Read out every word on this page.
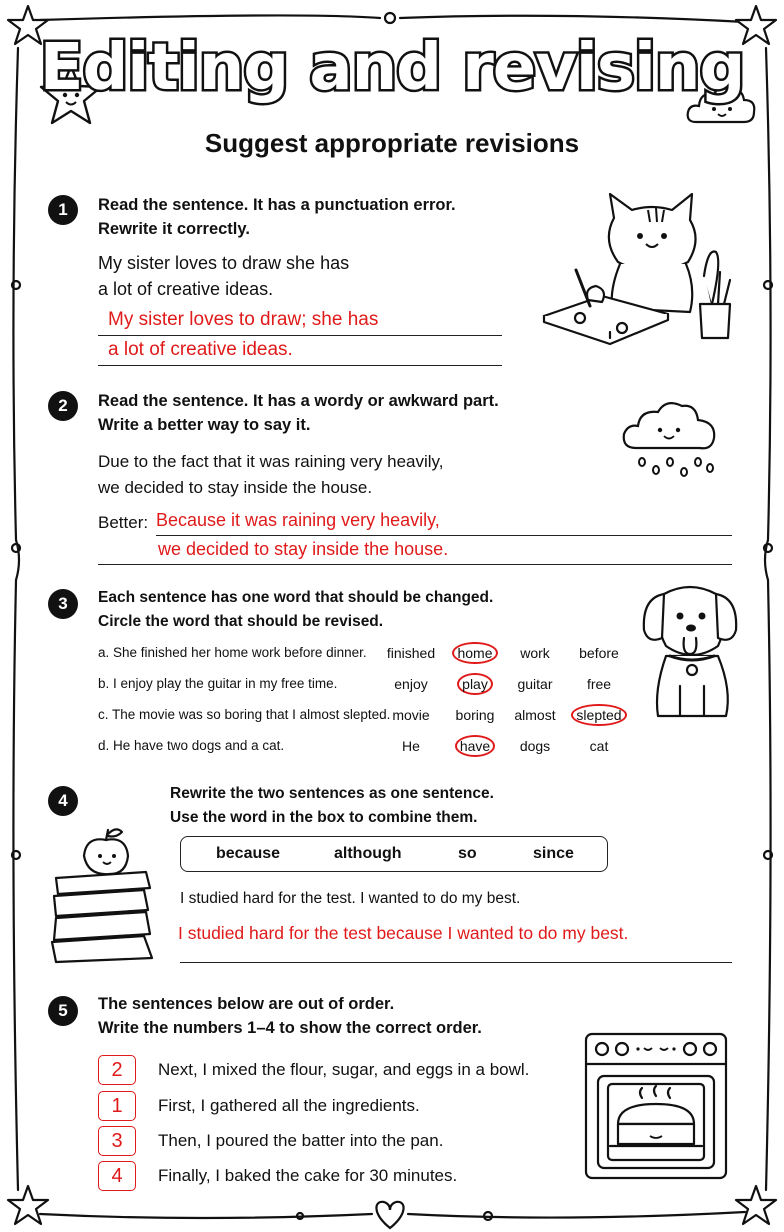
Editing and revising
Suggest appropriate revisions
1	Read the sentence. It has a punctuation error.
Rewrite it correctly.
My sister loves to draw she has
a lot of creative ideas.
My sister loves to draw; she has
a lot of creative ideas.
2	Read the sentence. It has a wordy or awkward part.
Write a better way to say it.
Due to the fact that it was raining very heavily,
we decided to stay inside the house.
Better: Because it was raining very heavily,
we decided to stay inside the house.
3	Each sentence has one word that should be changed.
Circle the word that should be revised.
a. She finished her home work before dinner.	finished	home	work	before
b. I enjoy play the guitar in my free time.	enjoy	play	guitar	free
c. The movie was so boring that I almost slepted. movie	boring	almost	slepted
d. He have two dogs and a cat.	He	have	dogs	cat
4	Rewrite the two sentences as one sentence.
Use the word in the box to combine them.
because	although	so	since
I studied hard for the test. I wanted to do my best.
I studied hard for the test because I wanted to do my best.
5	The sentences below are out of order.
Write the numbers 1–4 to show the correct order.
2	Next, I mixed the flour, sugar, and eggs in a bowl.
1	First, I gathered all the ingredients.
3	Then, I poured the batter into the pan.
4	Finally, I baked the cake for 30 minutes.
